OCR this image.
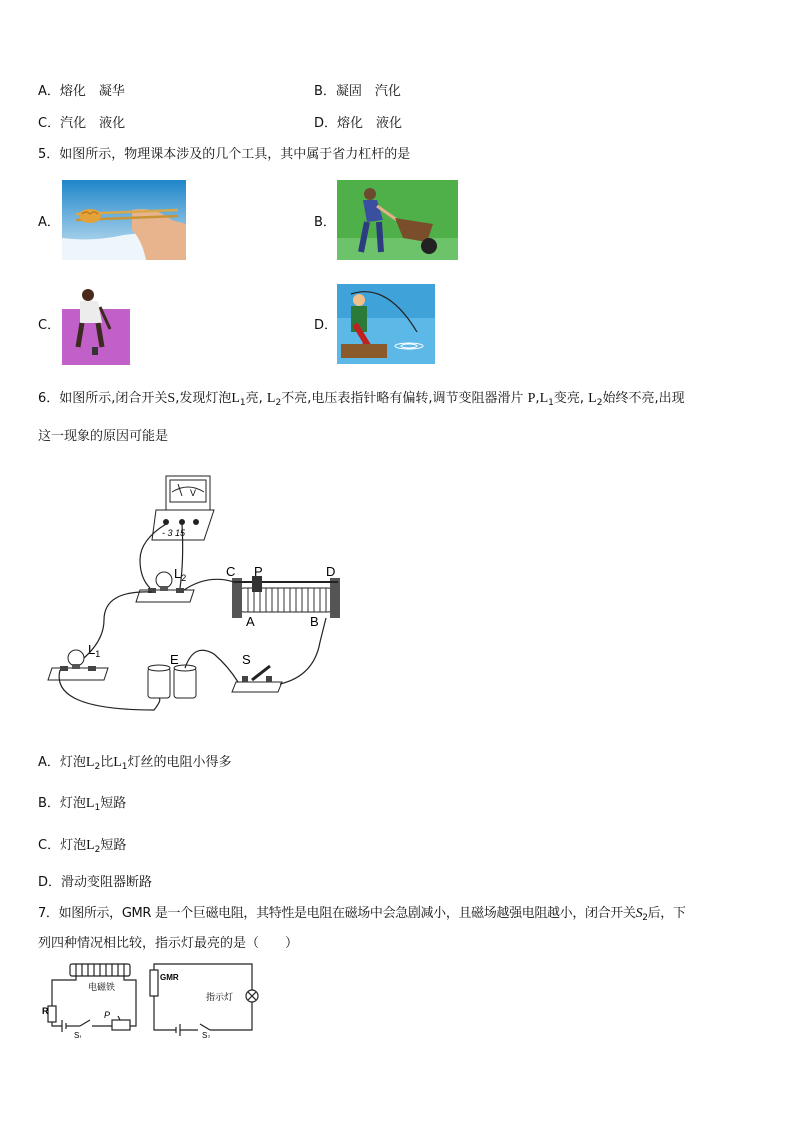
A．熔化　凝华	B．凝固　汽化
C．汽化　液化	D．熔化　液化
5．如图所示，物理课本涉及的几个工具，其中属于省力杠杆的是
A．	B．
C．	D．
6．如图所示,闭合开关S,发现灯泡$L_1$亮, $L_2$不亮,电压表指针略有偏转,调节变阻器滑片 $P,L_1$变亮, $L_2$始终不亮,出现
这一现象的原因可能是
V
- 3 15
$L_2$	C P	D
A	B
$L_1$	E	S
A．灯泡$L_2$比$L_1$灯丝的电阻小得多
B．灯泡$L_1$短路
C．灯泡$L_2$短路
D．滑动变阻器断路
7．如图所示，GMR 是一个巨磁电阻，其特性是电阻在磁场中会急剧减小，且磁场越强电阻越小，闭合开关$S_2$后，下
列四种情况相比较，指示灯最亮的是（　　）
R
电磁铁
P
S₁
GMR
指示灯
S₂
